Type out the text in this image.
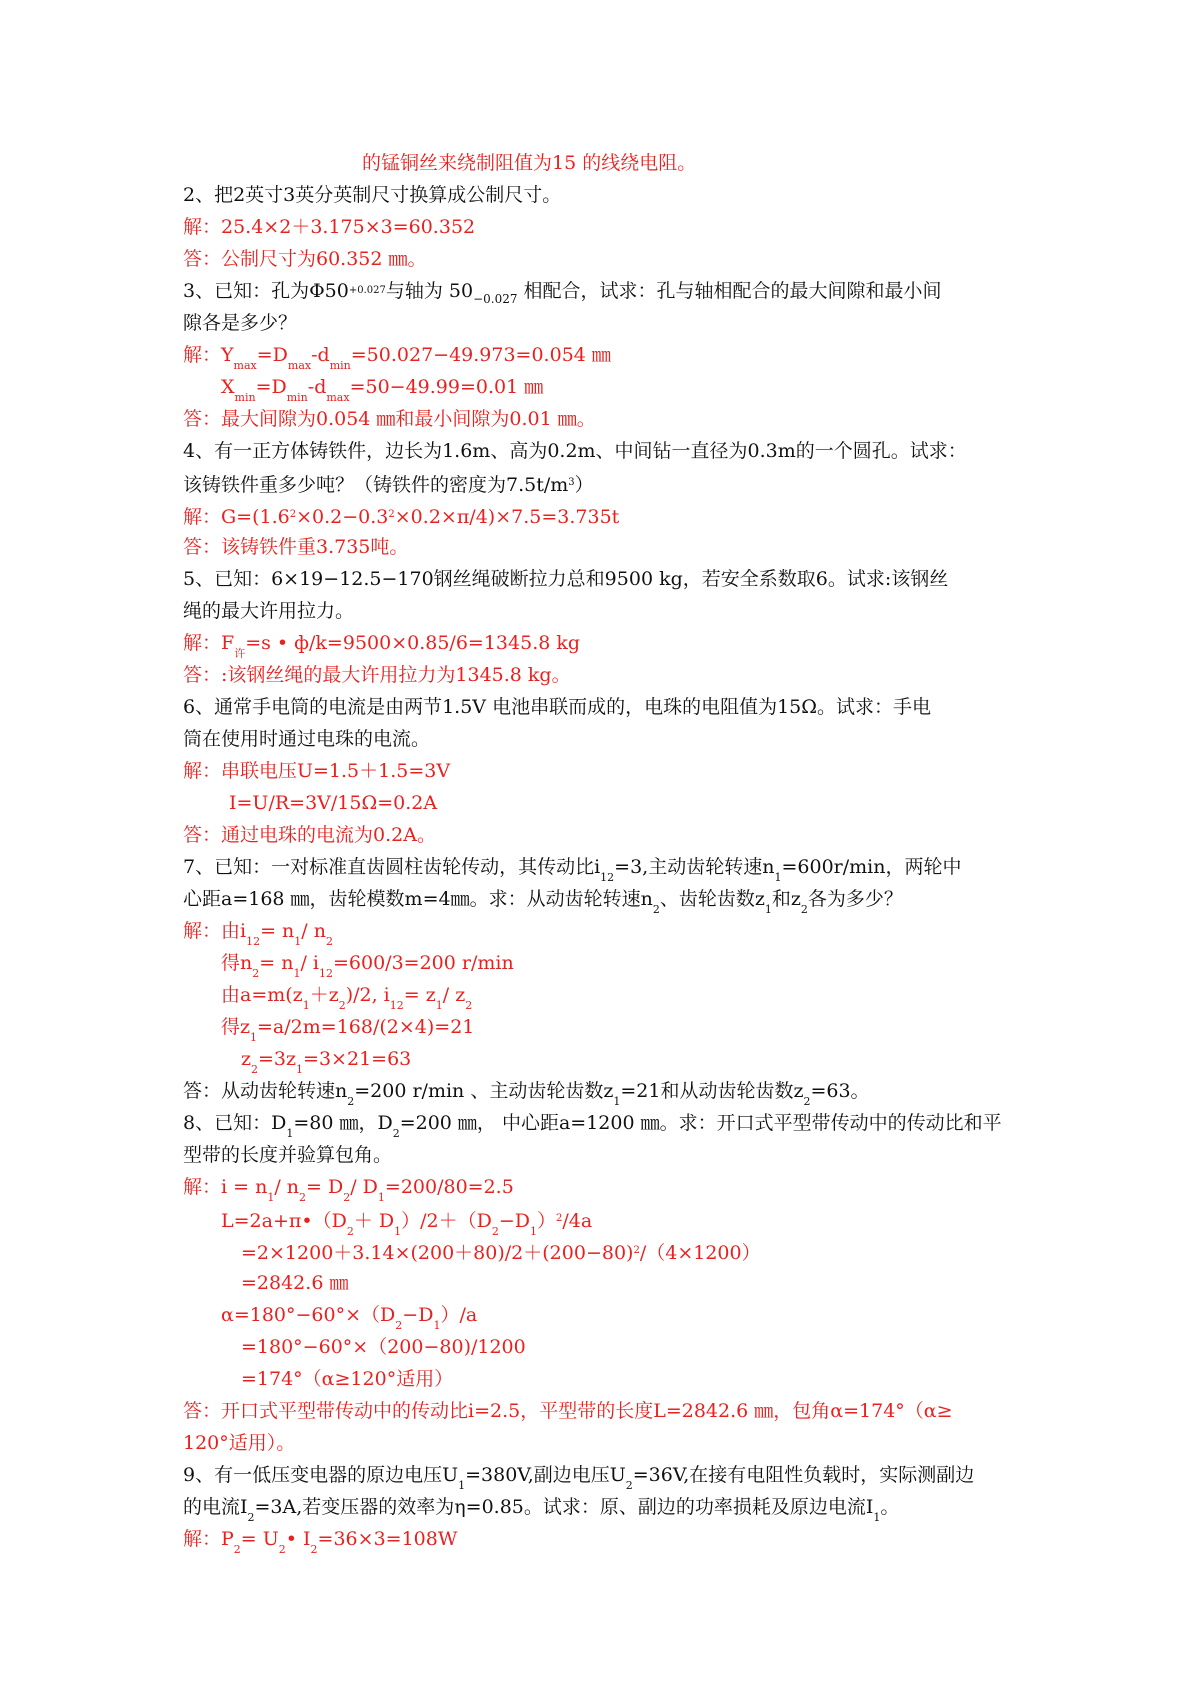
的锰铜丝来绕制阻值为15 的线绕电阻。
2、把2英寸3英分英制尺寸换算成公制尺寸。
解：25.4×2＋3.175×3=60.352
答：公制尺寸为60.352 ㎜。
3、已知：孔为$\Phi 50^{+0.027}$与轴为 $50_{-0.027}$ 相配合，试求：孔与轴相配合的最大间隙和最小间
隙各是多少？
解：$Y_{max}=D_{max}-d_{min}=50.027-49.973=0.054$ ㎜
$X_{min}=D_{min}-d_{max}=50-49.99=0.01$ ㎜
答：最大间隙为0.054 ㎜和最小间隙为0.01 ㎜。
4、有一正方体铸铁件，边长为1.6m、高为0.2m、中间钻一直径为0.3m的一个圆孔。试求：
该铸铁件重多少吨？（铸铁件的密度为$7.5t/m^3$）
解：$G=(1.6^2\times 0.2-0.3^2\times 0.2\times\pi/4)\times 7.5=3.735t$
答：该铸铁件重3.735吨。
5、已知：6×19−12.5−170钢丝绳破断拉力总和9500 kg，若安全系数取6。试求:该钢丝
绳的最大许用拉力。
解：$F_许=s$ • ф/k=9500×0.85/6=1345.8 kg
答：:该钢丝绳的最大许用拉力为1345.8 kg。
6、通常手电筒的电流是由两节1.5V 电池串联而成的，电珠的电阻值为15Ω。试求：手电
筒在使用时通过电珠的电流。
解：串联电压U=1.5＋1.5=3V
I=U/R=3V/15Ω=0.2A
答：通过电珠的电流为0.2A。
7、已知：一对标准直齿圆柱齿轮传动，其传动比$i_{12}=3$,主动齿轮转速$n_1=600r/\min$，两轮中
心距a=168 ㎜，齿轮模数m=4㎜。求：从动齿轮转速$n_2$、齿轮齿数$z_1$和$z_2$各为多少？
解：由$i_{12}= n_1/$ $n_2$
得$n_2= n_1/$ $i_{12}=600/3=200$ r/min
由$a=m(z_1+z_2)/2$, $i_{12}= z_1/$ $z_2$
得$z_1=a/2m=168/(2\times 4)=21$
$z_2=3z_1=3\times 21=63$
答：从动齿轮转速$n_2=200$ r/min 、主动齿轮齿数$z_1=21$和从动齿轮齿数$z_2=63$。
8、已知：$D_1=80$ ㎜，$D_2=200$ ㎜， 中心距a=1200 ㎜。求：开口式平型带传动中的传动比和平
型带的长度并验算包角。
解：$i = n_1/$ $n_2= D_2/$ $D_1=200/80=2.5$
$L=2a+\pi•(D_2+ D_1)/2+(D_2-D_1)^2/4a$
$=2\times 1200+3.14\times(200+80)/2+(200-80)^2/(4\times 1200)$
=2842.6 ㎜
$\alpha=180^\circ-60^\circ\times(D_2-D_1)/a$
=180°−60°×（200−80)/1200
=174°（α≥120°适用）
答：开口式平型带传动中的传动比i=2.5，平型带的长度L=2842.6 ㎜，包角α=174°（α≥
120°适用）。
9、有一低压变电器的原边电压$U_1=380V$,副边电压$U_2=36V$,在接有电阻性负载时，实际测副边
的电流$I_2=3A$,若变压器的效率为η=0.85。试求：原、副边的功率损耗及原边电流$I_1$。
解：$P_2=$ $U_2•$ $I_2=36\times 3=108W$
